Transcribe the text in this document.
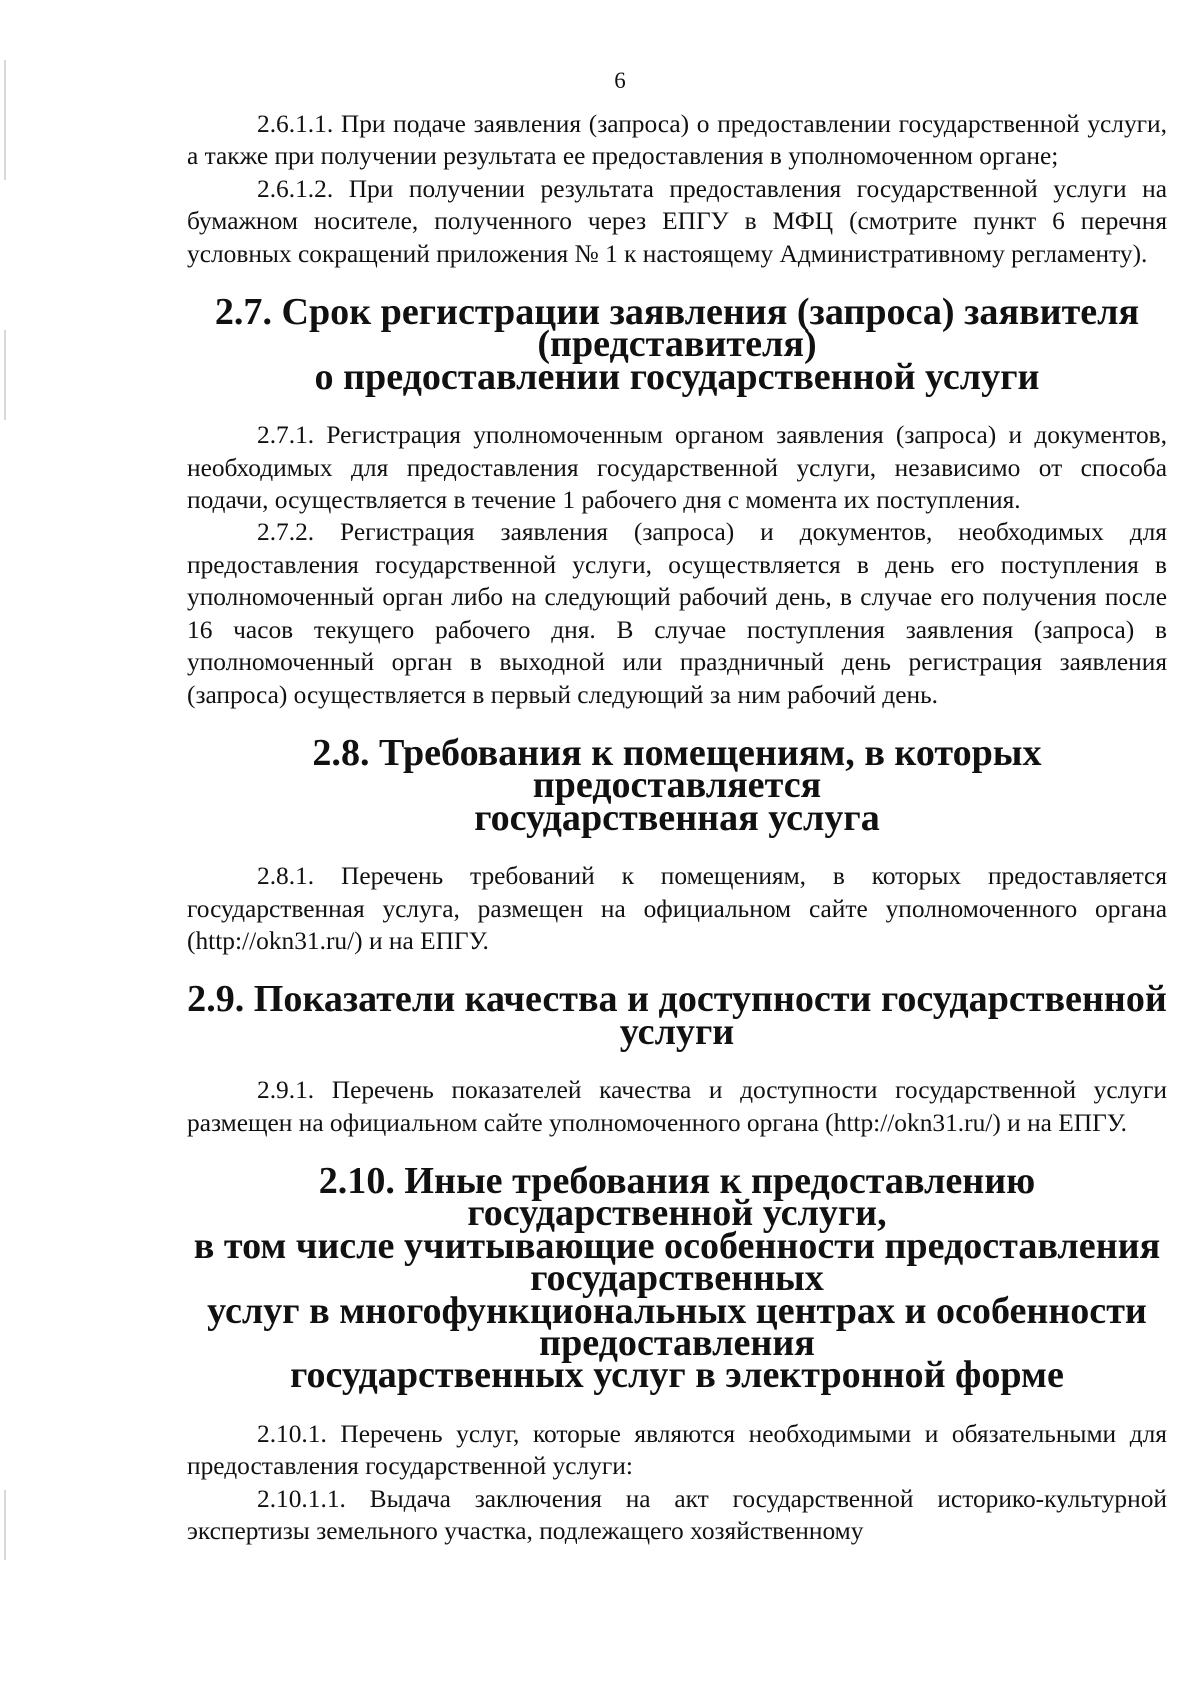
6

2.6.1.1. При подаче заявления (запроса) о предоставлении государственной услуги, а также при получении результата ее предоставления в уполномоченном органе;

2.6.1.2. При получении результата предоставления государственной услуги на бумажном носителе, полученного через ЕПГУ в МФЦ (смотрите пункт 6 перечня условных сокращений приложения № 1 к настоящему Административному регламенту).

2.7. Срок регистрации заявления (запроса) заявителя (представителя)
о предоставлении государственной услуги

2.7.1. Регистрация уполномоченным органом заявления (запроса) и документов, необходимых для предоставления государственной услуги, независимо от способа подачи, осуществляется в течение 1 рабочего дня с момента их поступления.

2.7.2. Регистрация заявления (запроса) и документов, необходимых для предоставления государственной услуги, осуществляется в день его поступления в уполномоченный орган либо на следующий рабочий день, в случае его получения после 16 часов текущего рабочего дня. В случае поступления заявления (запроса) в уполномоченный орган в выходной или праздничный день регистрация заявления (запроса) осуществляется в первый следующий за ним рабочий день.

2.8. Требования к помещениям, в которых предоставляется
государственная услуга

2.8.1. Перечень требований к помещениям, в которых предоставляется государственная услуга, размещен на официальном сайте уполномоченного органа (http://okn31.ru/) и на ЕПГУ.

2.9. Показатели качества и доступности государственной услуги

2.9.1. Перечень показателей качества и доступности государственной услуги размещен на официальном сайте уполномоченного органа (http://okn31.ru/) и на ЕПГУ.

2.10. Иные требования к предоставлению государственной услуги,
в том числе учитывающие особенности предоставления государственных
услуг в многофункциональных центрах и особенности предоставления
государственных услуг в электронной форме

2.10.1. Перечень услуг, которые являются необходимыми и обязательными для предоставления государственной услуги:

2.10.1.1. Выдача заключения на акт государственной историко-культурной экспертизы земельного участка, подлежащего хозяйственному
